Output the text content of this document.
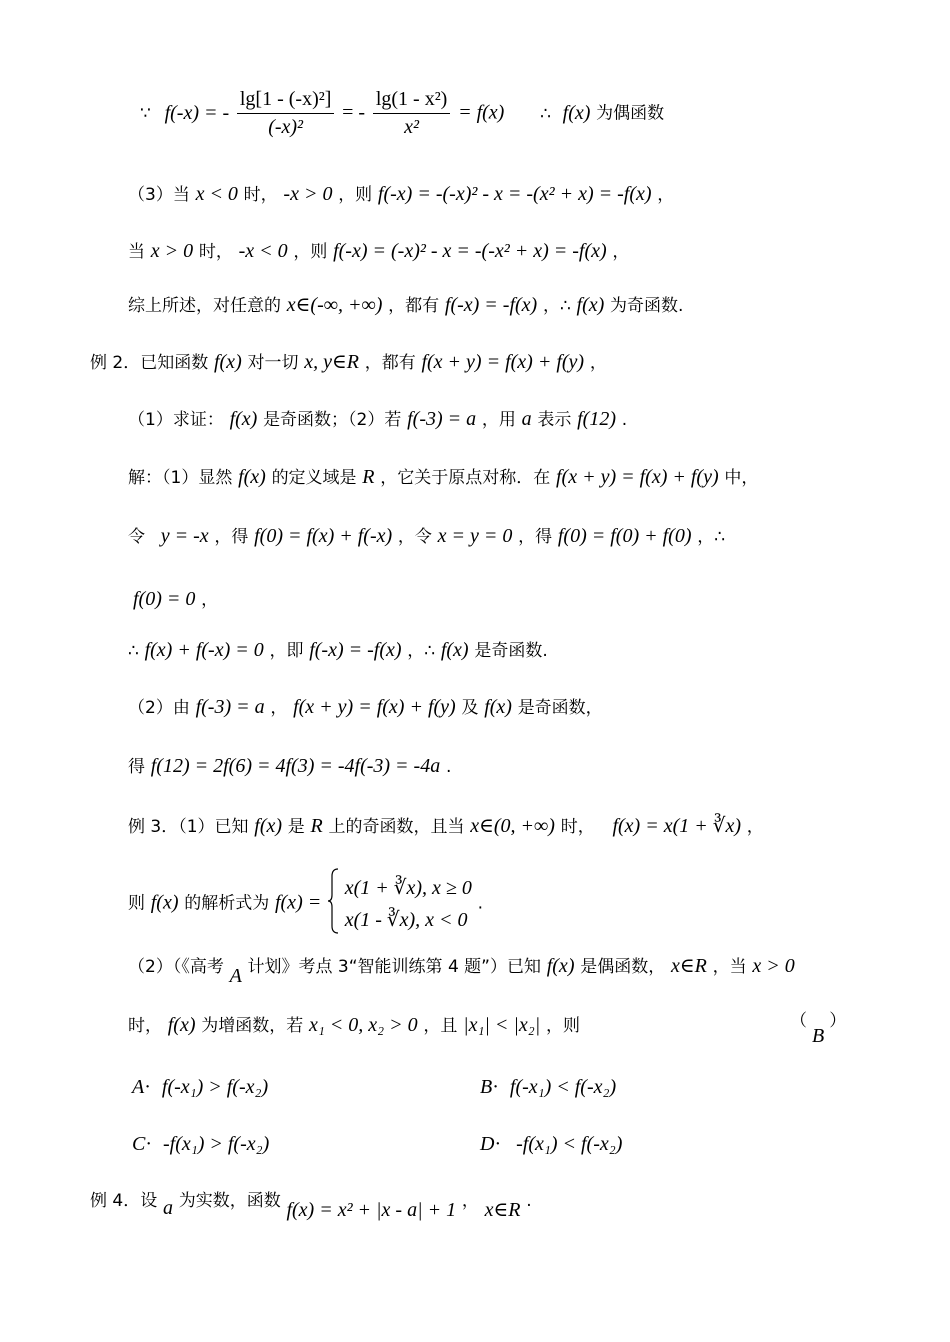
∵ f(-x) = - $\frac{\text{lg[1 - (-x)²]}}{\text{(-x)²}}$ = - $\frac{\text{lg(1 - x²)}}{\text{x²}} = f(x)$ ∴ f(x) 为偶函数
（3）当 x < 0 时， -x > 0 ，则 f(-x) = -(-x)² - x = -(x² + x) = -f(x) ，
当 x > 0 时， -x < 0 ，则 f(-x) = (-x)² - x = -(-x² + x) = -f(x) ，
综上所述，对任意的 x∈(-∞, +∞) ，都有 f(-x) = -f(x) ，∴ f(x) 为奇函数.
例 2．已知函数 f(x) 对一切 x, y∈R ，都有 f(x + y) = f(x) + f(y) ，
（1）求证： f(x) 是奇函数；（2）若 f(-3) = a ，用 a 表示 f(12) .
解：（1）显然 f(x) 的定义域是 R ，它关于原点对称．在 f(x + y) = f(x) + f(y) 中，
令 y = -x ，得 f(0) = f(x) + f(-x) ，令 x = y = 0 ，得 f(0) = f(0) + f(0) ，∴
f(0) = 0 ，
∴ f(x) + f(-x) = 0 ，即 f(-x) = -f(x) ，∴ f(x) 是奇函数.
（2）由 f(-3) = a ， f(x + y) = f(x) + f(y) 及 f(x) 是奇函数，
得 f(12) = 2f(6) = 4f(3) = -4f(-3) = -4a .
例 3．（1）已知 f(x) 是 R 上的奇函数，且当 x∈(0, +∞) 时， f(x) = x(1 + ∛x) ，
则 f(x) 的解析式为 f(x) =
x(1 + ∛x), x ≥ 0
x(1 - ∛x), x < 0
.
（2）（《高考 A 计划》考点 3“智能训练第 4 题”）已知 f(x) 是偶函数， x∈R ，当 x > 0
时， f(x) 为增函数，若 x₁ < 0, x₂ > 0 ，且 |x₁| < |x₂| ，则	（ B ）
A· f(-x₁) > f(-x₂)	B· f(-x₁) < f(-x₂)
C· -f(x₁) > f(-x₂)	D· -f(x₁) < f(-x₂)
例 4．设 a 为实数，函数 f(x) = x² + |x - a| + 1 ， x∈R .
